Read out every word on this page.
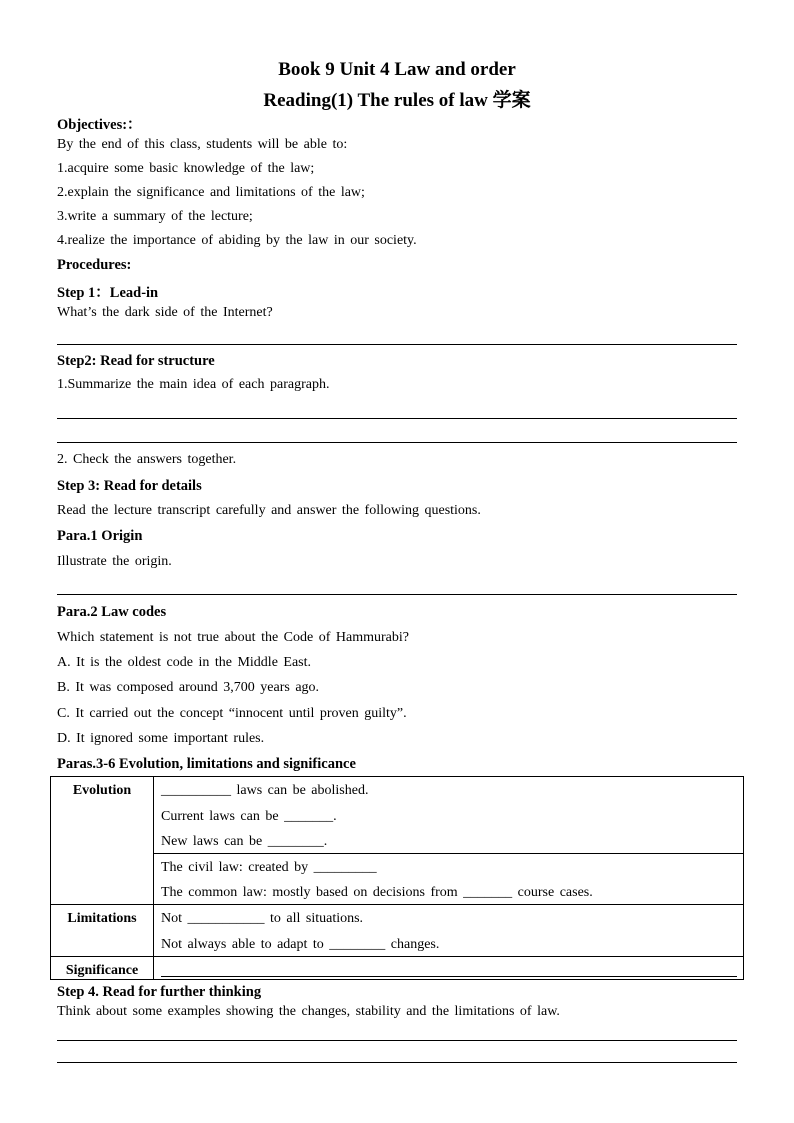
Book 9 Unit 4 Law and order
Reading(1) The rules of law 学案
Objectives:：
By the end of this class, students will be able to:
1.acquire some basic knowledge of the law;
2.explain the significance and limitations of the law;
3.write a summary of the lecture;
4.realize the importance of abiding by the law in our society.
Procedures:
Step 1：Lead-in
What’s the dark side of the Internet?
Step2: Read for structure
1.Summarize the main idea of each paragraph.
2. Check the answers together.
Step 3: Read for details
Read the lecture transcript carefully and answer the following questions.
Para.1 Origin
Illustrate the origin.
Para.2 Law codes
Which statement is not true about the Code of Hammurabi?
A. It is the oldest code in the Middle East.
B. It was composed around 3,700 years ago.
C. It carried out the concept “innocent until proven guilty”.
D. It ignored some important rules.
Paras.3-6 Evolution, limitations and significance
Evolution	__________ laws can be abolished.
Current laws can be _______.
New laws can be ________.
The civil law: created by _________
The common law: mostly based on decisions from _______ course cases.
Limitations	Not ___________ to all situations.
Not always able to adapt to ________ changes.
Significance
Step 4. Read for further thinking
Think about some examples showing the changes, stability and the limitations of law.
